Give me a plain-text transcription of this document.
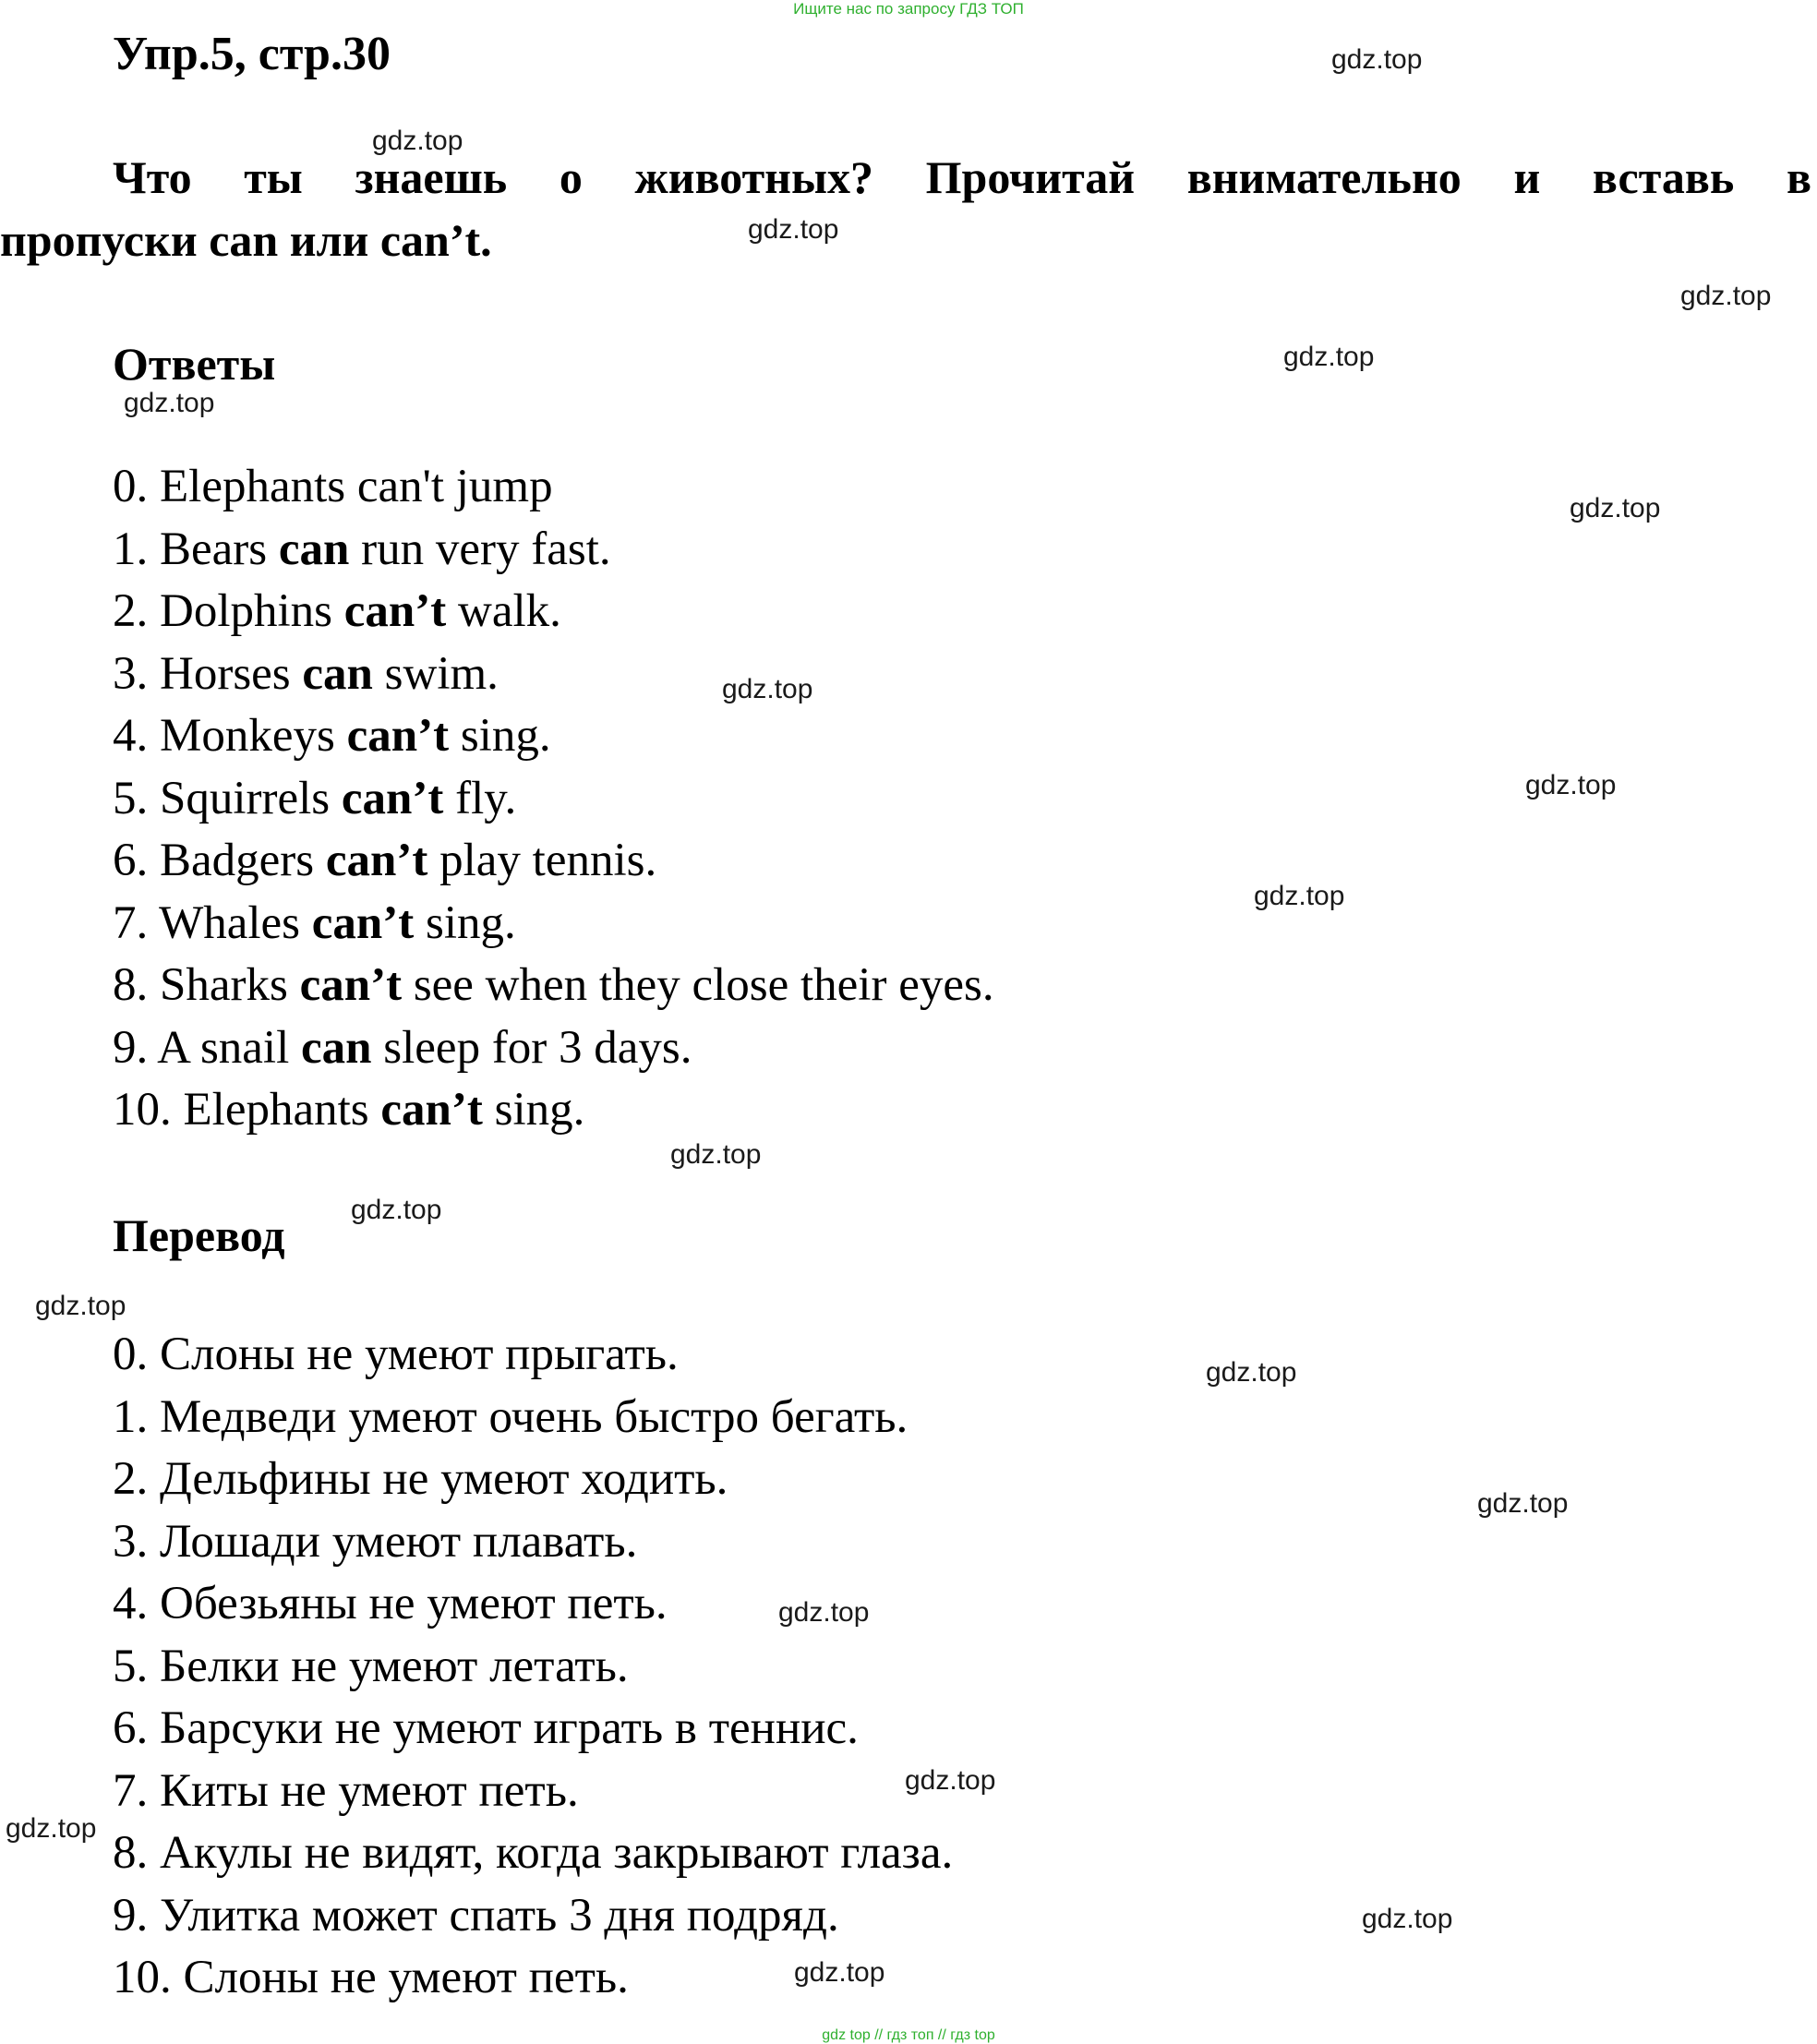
Ищите нас по запросу ГДЗ ТОП
Упр.5, стр.30
Что ты знаешь о животных? Прочитай внимательно и вставь в
пропуски can или can’t.
Ответы
0. Elephants can't jump
1. Bears can run very fast.
2. Dolphins can’t walk.
3. Horses can swim.
4. Monkeys can’t sing.
5. Squirrels can’t fly.
6. Badgers can’t play tennis.
7. Whales can’t sing.
8. Sharks can’t see when they close their eyes.
9. A snail can sleep for 3 days.
10. Elephants can’t sing.
Перевод
0. Слоны не умеют прыгать.
1. Медведи умеют очень быстро бегать.
2. Дельфины не умеют ходить.
3. Лошади умеют плавать.
4. Обезьяны не умеют петь.
5. Белки не умеют летать.
6. Барсуки не умеют играть в теннис.
7. Киты не умеют петь.
8. Акулы не видят, когда закрывают глаза.
9. Улитка может спать 3 дня подряд.
10. Слоны не умеют петь.
gdz.top
gdz.top
gdz.top
gdz.top
gdz.top
gdz.top
gdz.top
gdz.top
gdz.top
gdz.top
gdz.top
gdz.top
gdz.top
gdz.top
gdz.top
gdz.top
gdz.top
gdz.top
gdz.top
gdz.top
gdz top // гдз топ // гдз top
